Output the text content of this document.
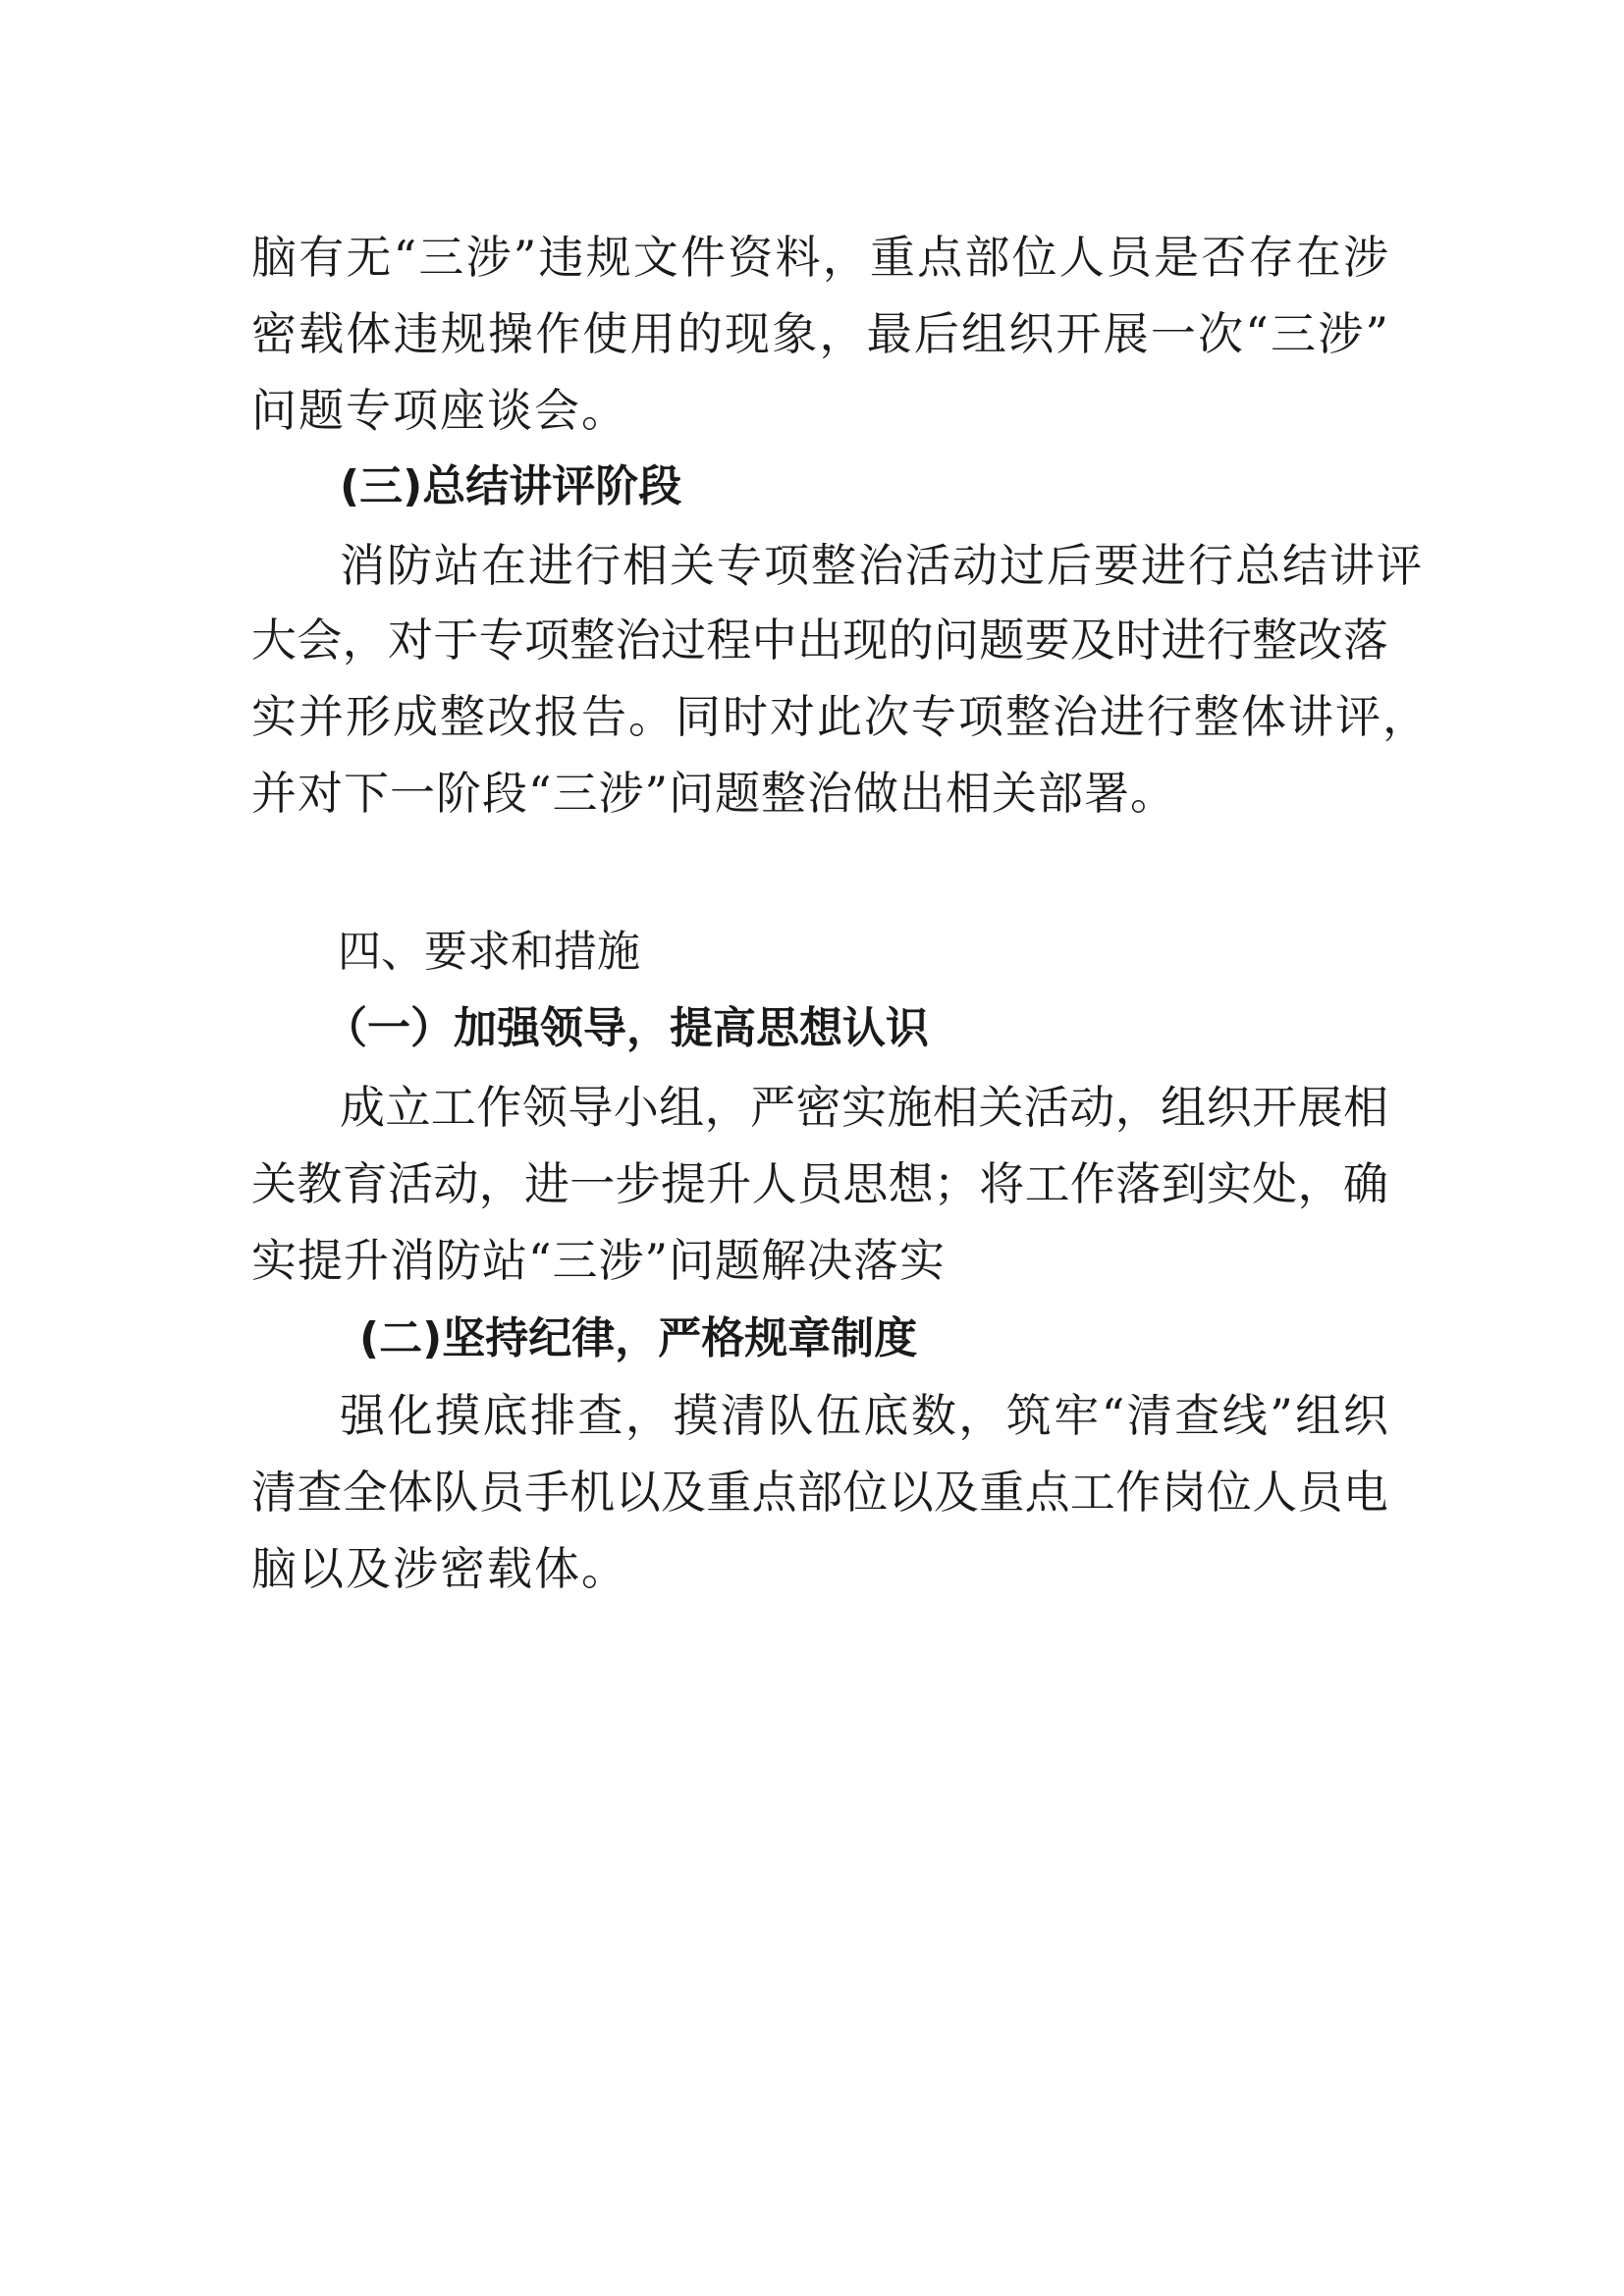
脑 有 无 “ 三 涉 ” 违 规 文 件 资 料 ， 重 点 部 位 人 员 是 否 存 在 涉
密 载 体 违 规 操 作 使 用 的 现 象 ， 最 后 组 织 开 展 一 次 “ 三 涉 ”
问题专项座谈会。
(三)总结讲评阶段
消防站在进行相关专项整治活动过后要进行总结讲评
大 会 ， 对 于 专 项 整 治 过 程 中 出 现 的 问 题 要 及 时 进 行 整 改 落
实并形成整改报告。同时对此次专项整治进行整体讲评，
并对下一阶段“三涉”问题整治做出相关部署。
四、要求和措施
（一）加强领导，提高思想认识
成 立 工 作 领 导 小 组 ， 严 密 实 施 相 关 活 动 ， 组 织 开 展 相
关 教 育 活 动 ， 进 一 步 提 升 人 员 思 想 ； 将 工 作 落 到 实 处 ， 确
实提升消防站“三涉”问题解决落实
(二)坚持纪律，严格规章制度
强 化 摸 底 排 查 ， 摸 清 队 伍 底 数 ， 筑 牢 “ 清 查 线 ” 组 织
清 查 全 体 队 员 手 机 以 及 重 点 部 位 以 及 重 点 工 作 岗 位 人 员 电
脑以及涉密载体。
